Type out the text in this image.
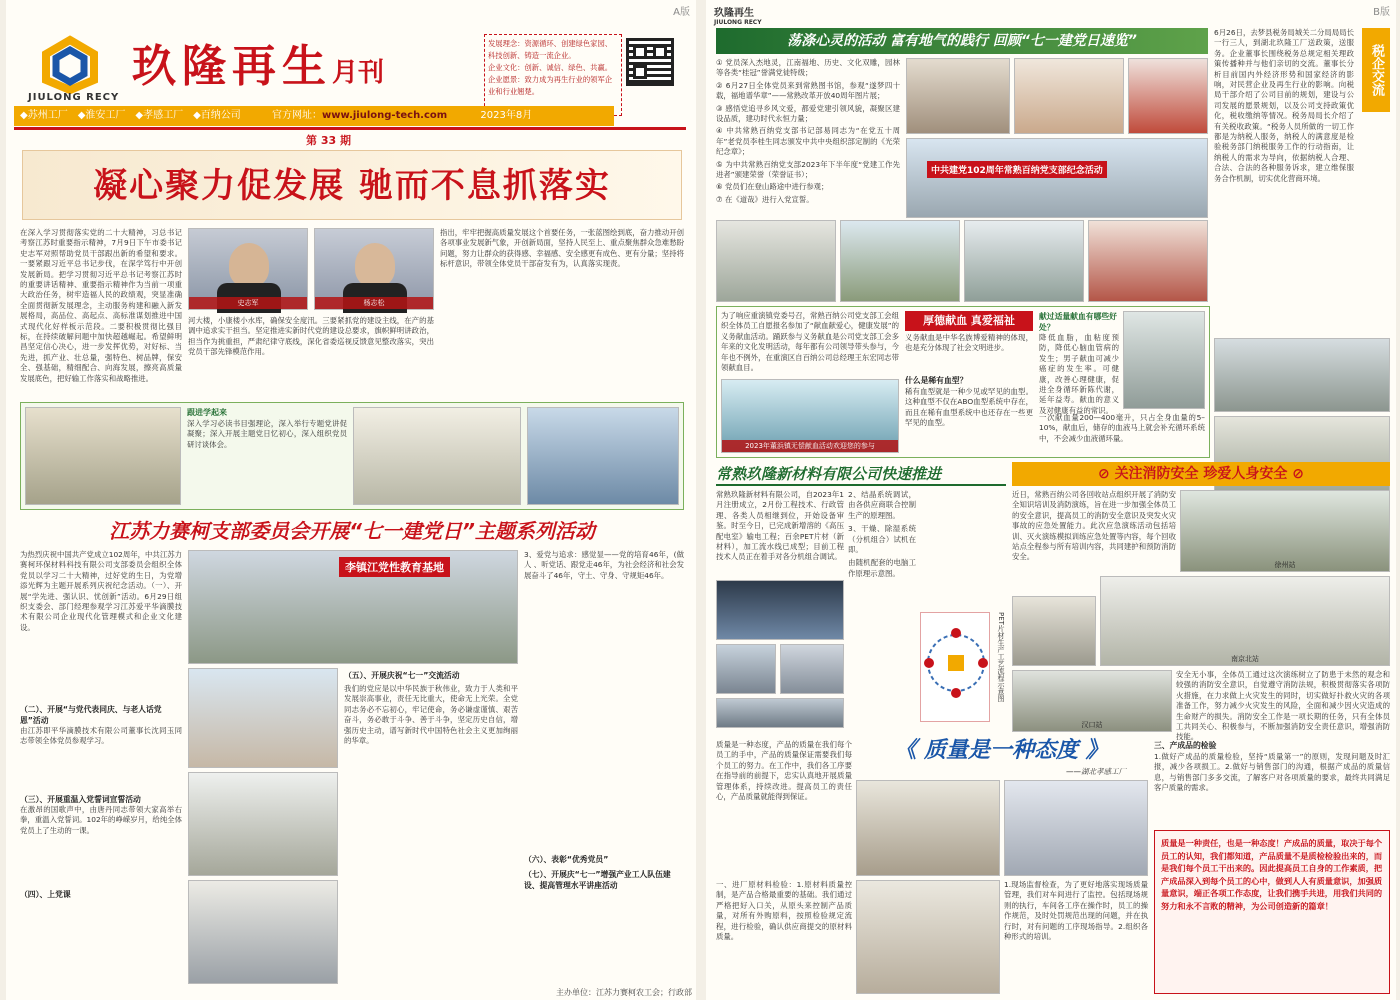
A版
JIULONG RECY
玖隆再生月刊
发展理念：资源循环、创建绿色家园、科技创新、铸造一流企业。
企业文化：创新、诚信、绿色、共赢。
企业愿景：致力成为再生行业的领军企业和行业翘楚。
◆苏州工厂 ◆淮安工厂 ◆孝感工厂 ◆百纳公司	官方网址：www.jiulong-tech.com	2023年8月
第 33 期
凝心聚力促发展 驰而不息抓落实
在深入学习贯彻落实党的二十大精神，习总书记考察江苏时重要指示精神，7月9日下午市委书记史志军对照帮助党员干部跟出新的希望和要求。一要紧跟习近平总书记步伐，在深学笃行中开创发展新局。把学习贯彻习近平总书记考察江苏时的重要讲话精神、重要指示精神作为当前一项重大政治任务，树牢造福人民的政绩观，突显准确全面贯彻新发展理念，主动服务构建和融入新发展格局，高品位、高起点、高标准谋划推进中国式现代化好样板示范段。二要积极贯彻比强目标，在持续破解问题中加快超越崛起。希望鲜明昌坚定信心决心，进一步发挥优势，对好标、当先进，抓产业、壮总量，强特色、树品牌，保安全、强基础，精细配合、向海发展，擦亮高质量发展底色，把好输工作落实和战略推进。
史志军	杨志松
河大楼，小康楼小水库，确保安全度汛。三要紧抓党的建设主线，在产的基调中追求实干担当。坚定推进实新时代党的建设总要求，旗帜鲜明讲政治，担当作为挑重担，严肃纪律守底线，深化省委巡视反馈意见整改落实，突出党员干部先锋模范作用。
指出，牢牢把握高质量发展这个首要任务，一张蓝图绘到底，奋力推动开创各项事业发展新气象，开创新局面，坚持人民至上、重点聚焦群众急难愁盼问题，努力让群众的获得感、幸福感、安全感更有成色、更有分量；坚持将标杆意识，带领全体党员干部奋发有为，认真落实现责。
跟进学起来
深入学习必读书目强理论，深入举行专题党讲促凝聚；深入开展主题党日忆初心，深入组织党员研讨谈体会。
江苏力赛柯支部委员会开展“七一建党日”主题系列活动
为热烈庆祝中国共产党成立102周年，中共江苏力赛柯环保材料科技有限公司支部委员会组织全体党员以学习二十大精神，过好党的生日，为党增添光辉为主题开展系列庆祝纪念活动。（一）、开展“学先进、强认识、忧创新”活动。6月29日组织支委会、部门经理参观学习江苏爱平华滴膜技术有限公司企业现代化管理模式和企业文化建设。
（二）、开展“与党代表同庆、与老人话党恩”活动
由江苏即平华滴膜技术有限公司董事长沈同玉同志带领全体党员参观学习。
（三）、开展重温入党誓词宣誓活动
在激昂的国歌声中，由唐丹同志带领大家高举右拳，重温入党誓词。102年的峥嵘岁月，给纯全体党员上了生动的一课。
（四）、上党课
李镇江党性教育基地
（五）、开展庆祝“七一”交流活动
我们的党应是以中华民族于秋伟业，致力于人类和平发展崇高事业，责任无比重大，使命无上光荣。全党同志务必不忘初心，牢记使命，务必谦虚谨慎、艰苦奋斗，务必敢于斗争、善于斗争，坚定历史自信，增强历史主动，谱写新时代中国特色社会主义更加绚丽的华章。
3、爱党与追求：感觉显——党的培育46年，(做人 、听党话、跟党走46年，为社会经济和社会发展奋斗了46年，守土、守身、守规矩46年。
（六）、表彰“优秀党员”
（七）、开展庆“七一”增强产业工人队伍建设、提高管理水平讲座活动
主办单位：江苏力赛柯农工会；行政部
玖隆再生
JIULONG RECY
B版
荡涤心灵的活动 富有地气的践行 回顾“七一建党日速览”
① 党员深入杰地灵，江南福地、历史、文化双雕，园林等各类“桂冠”誉满党徒特级；
② 6月27日全体党员来到常熟图书馆，参观“遂梦四十载，福地谱华章”——常熟改革开放40周年图片展；
③ 感悟党追寻乡风文爱，都爱党建引领风貌，凝聚区建设品质，建功时代永恒力量；
④ 中共常熟百纳党支部书记部易同志为“在党五十周年”老党员李桂生同志颁发中共中央组织部定制的《光荣纪念章》；
⑤ 为中共常熟百纳党支部2023年下半年度“党建工作先进者”颁建荣誉（荣誉证书）；
⑥ 党员们在登山路途中进行参观；
⑦ 在《道哉》进行入党宣誓。
中共建党102周年常熟百纳党支部纪念活动
6月26日，去梦县税务局城关二分局局局长一行三人，到湖北玖隆工厂送政策，送服务。企业董事长围绕税务总规定相关理政策传播种并与他们亲切的交流。董事长分析目前国内外经济形势和国家经济的影响，对民营企业及再生行业的影响。向税局干部介绍了公司目前的规划，建设与公司发展的愿景规划，以及公司支持政策优化，税收缴纳等情况。税务局局长介绍了有关税收政策。“税务人员所做的一切工作都是为纳税人服务，纳税人的满意度是检验税务部门纳税服务工作的行动指南，让纳税人的需求为导向，依据纳税人合理、合法、合法的各种服务诉求，建立维保服务合作机制，切实优化营商环境。
税企交流
为了响应重演镇党委号召，常熟百纳公司党支部工会组织全体员工自愿报名参加了“献血献爱心，健康发展”的义务献血活动。踊跃参与义务献血是公司党支部工会多年来的文化发明活动，每年都有公司领导带头参与，今年也不例外，在重演区自百纳公司总经理王东宏同志带领献血目。
2023年董浜镇无偿献血活动欢迎您的参与
厚德献血 真爱福祉
什么是稀有血型？
稀有血型就是一种少见或罕见的血型。这种血型不仅在ABO血型系统中存在，而且在稀有血型系统中也还存在一些更罕见的血型。
义务献血是中华名族博爱精神的体现，也是充分体现了社会文明进步。
献过适量献血有哪些好处？
降低血脂，血粘度预防，降低心脑血管病的发生；男子献血可减少癌症的发生率。可健康，改善心理健康，促进全身循环新陈代谢，延年益寿。献血的意义及对健康有益的常识。
一次献血量200—400毫升，只占全身血量的5–10%，献血后，储存的血液马上就会补充循环系统中，不会减少血液循环量。
常熟玖隆新材料有限公司快速推进
常熟玖隆新材料有限公司，自2023年1月注册成立，2月份工程技术、行政管理、各类人员相继到位，开始设备审鉴。时至今日，已完成新增溶的《高压配电室》输电工程；百余PET片材（新材料），加工流水线已成型；目前工程技术人员正在着手对各分机组合调试。
2、结晶系统调试，由各供应商联合控制生产的原理图。
3、干燥、除湿系统（分机组合）试机在即。
由随机配套的电脑工作原理示意图。
PET片材生产工艺流程示意图
⊘ 关注消防安全 珍爱人身安全 ⊘
近日，常熟百纳公司各回收站点组织开展了消防安全知识培训及消防演练，旨在进一步加强全体员工的安全意识，提高员工的消防安全意识及突发火灾事故的应急处置能力。此次应急演练活动包括培训、灭火演练模拟训练应急处置等内容，每个回收站点全程参与所有培训内容，共同建护和预防消防安全。
徐州站
南京北站
汉口站
安全无小事，全体员工通过这次演练树立了防患于未然的观念和较强的消防安全意识，自觉遵守消防法规，积极贯彻落实各项防火措施，在力求做上火灾发生的同时，切实做好扑救火灾的各项准备工作，努力减少火灾发生的风险，全面和减少因火灾造成的生命财产的损失。消防安全工作是一项长期的任务，只有全体员工共同关心、积极参与，不断加强消防安全责任意识，增强消防技能。
《 质量是一种态度 》
——湖北孝感工厂
质量是一种态度，产品的质量在我们每个员工的手中，产品的质量保证需要我们每个员工的努力。在工作中，我们各工序要在指导前的前提下，忠实认真地开展质量管理体系，持续改进。提高员工的责任心，产品质量就能得到保证。
一、进厂原材料检验：1.原材料质量控制，是产品合格最重要的基础。我们通过严格把好入口关，从原头来控制产品质量，对所有外购原料，按照检验规定流程，进行检验，确认供应商提交的原材料质量。
1.现场监督检查，为了更好地落实现场质量管理，我们对车间进行了监控。包括现场规则的执行，车间各工序在操作时，员工的操作规范，及时处罚规范出现的问题，并在执行时，对有问题的工序现场指导。2.组织各种形式的培训。
三、产成品的检验
1.做好产成品的质量检验，坚持“质量第一”的原则，发现问题及时汇报，减少各项损工。2.做好与销售部门的沟通，根据产成品的质量信息，与销售部门多多交流，了解客户对各项质量的要求，最终共同满足客户质量的需求。
质量是一种责任，也是一种态度！产成品的质量，取决于每个员工的认知，我们都知道，产品质量不是质检检验出来的，而是我们每个员工干出来的。因此提高员工自身的工作素质，把产成品深入到每个员工的心中，做到人人有质量意识，加强质量意识，端正各项工作态度，让我们携手共进，用我们共同的努力和永不言败的精神，为公司创造新的篇章！
